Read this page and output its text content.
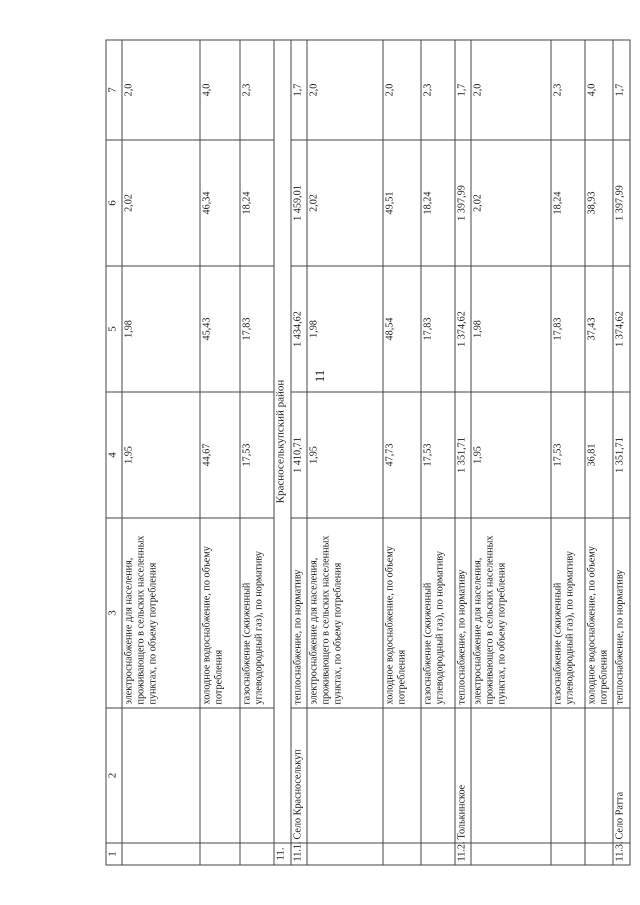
11
1	2	3	4	5	6	7
		электроснабжение для населения, проживающего в сельских населенных пунктах, по объему потребления	1,95	1,98	2,02	2,0
		холодное водоснабжение, по объему потребления	44,67	45,43	46,34	4,0
		газоснабжение (сжиженный углеводородный газ), по нормативу	17,53	17,83	18,24	2,3
11.	Красноселькупский район					
11.1.	Село Красноселькуп	теплоснабжение, по нормативу	1 410,71	1 434,62	1 459,01	1,7
		электроснабжение для населения, проживающего в сельских населенных пунктах, по объему потребления	1,95	1,98	2,02	2,0
		холодное водоснабжение, по объему потребления	47,73	48,54	49,51	2,0
		газоснабжение (сжиженный углеводородный газ), по нормативу	17,53	17,83	18,24	2,3
11.2.	Толькинское	теплоснабжение, по нормативу	1 351,71	1 374,62	1 397,99	1,7
		электроснабжение для населения, проживающего в сельских населенных пунктах, по объему потребления	1,95	1,98	2,02	2,0
		газоснабжение (сжиженный углеводородный газ), по нормативу	17,53	17,83	18,24	2,3
		холодное водоснабжение, по объему потребления	36,81	37,43	38,93	4,0
11.3.	Село Ратта	теплоснабжение, по нормативу	1 351,71	1 374,62	1 397,99	1,7
